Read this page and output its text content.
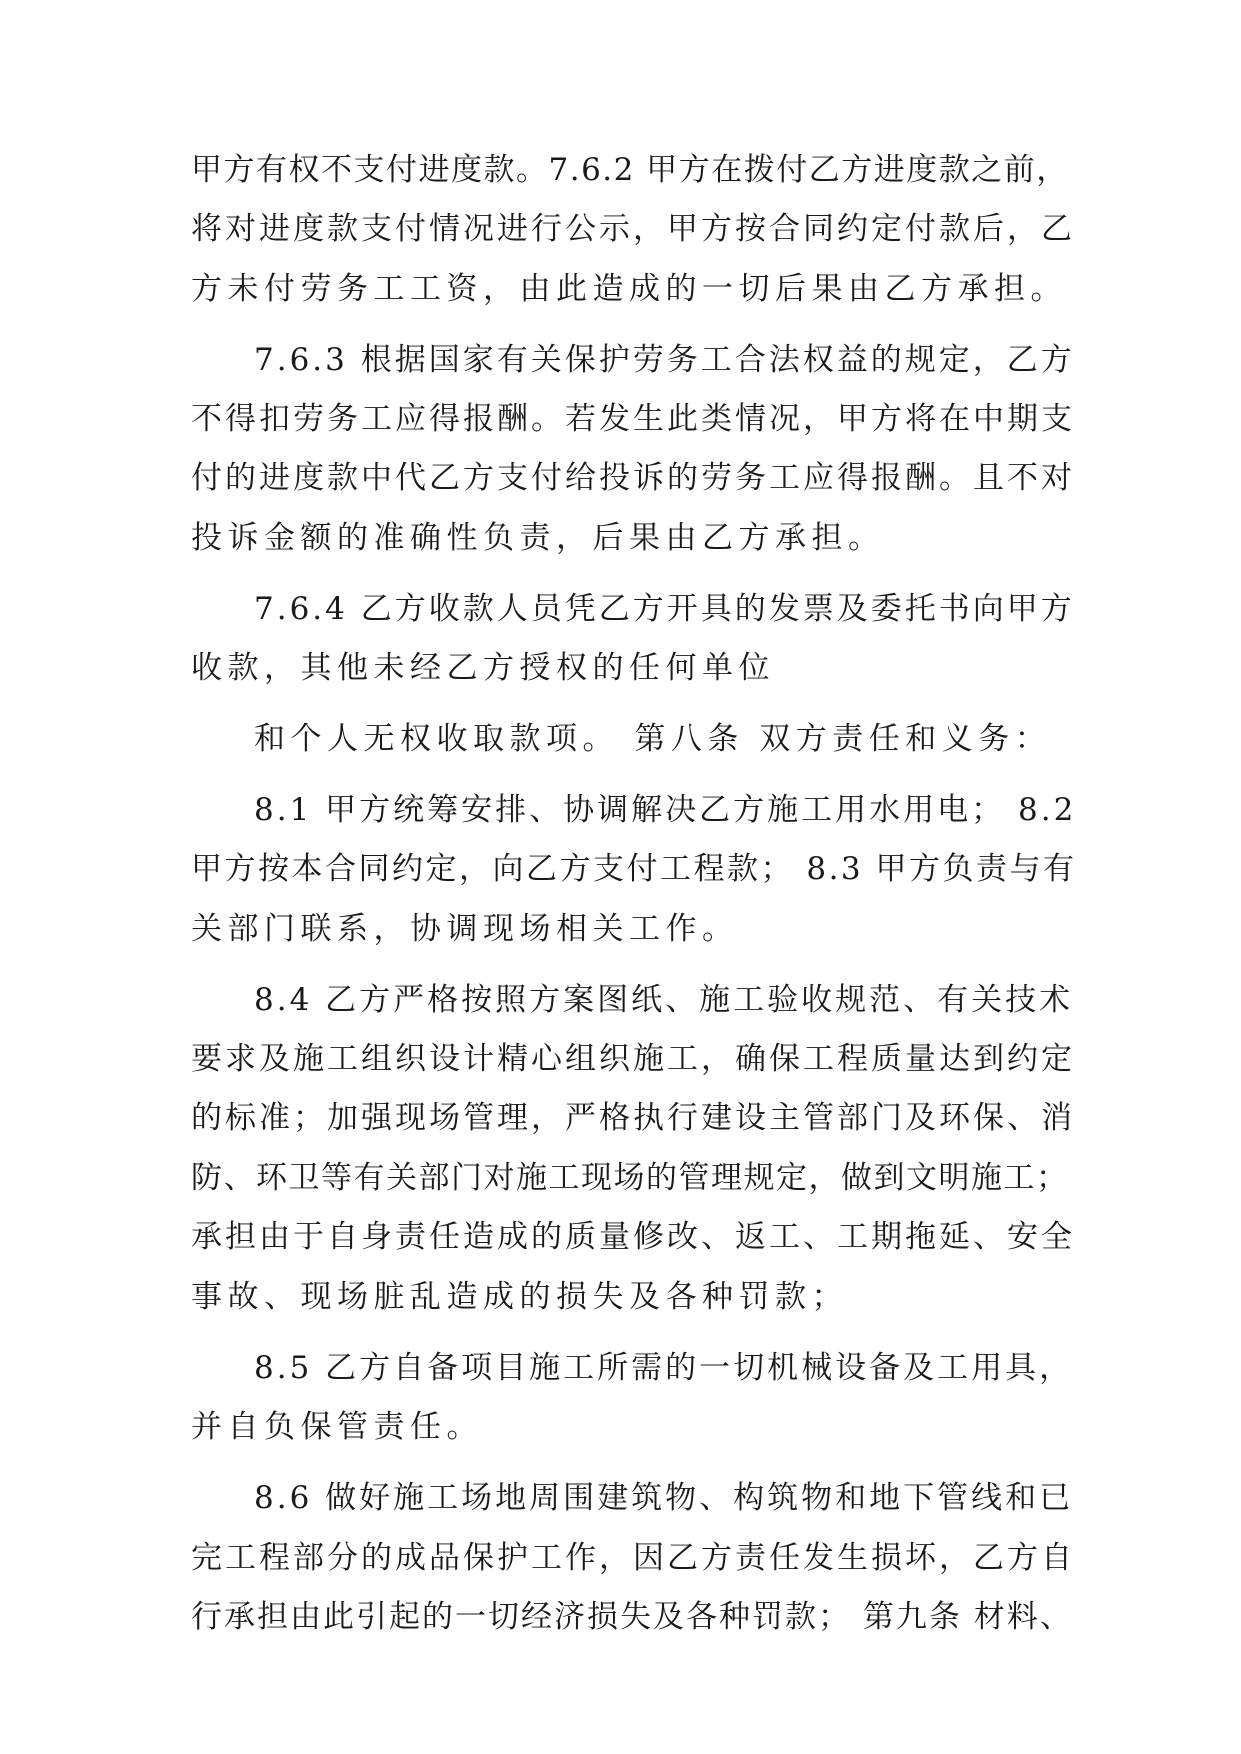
甲方有权不支付进度款。7.6.2 甲方在拨付乙方进度款之前，

将对进度款支付情况进行公示，甲方按合同约定付款后，乙

方未付劳务工工资，由此造成的一切后果由乙方承担。

7.6.3 根据国家有关保护劳务工合法权益的规定，乙方

不得扣劳务工应得报酬。若发生此类情况，甲方将在中期支

付的进度款中代乙方支付给投诉的劳务工应得报酬。且不对

投诉金额的准确性负责，后果由乙方承担。

7.6.4 乙方收款人员凭乙方开具的发票及委托书向甲方

收款，其他未经乙方授权的任何单位

和个人无权收取款项。 第八条 双方责任和义务：

8.1 甲方统筹安排、协调解决乙方施工用水用电； 8.2

甲方按本合同约定，向乙方支付工程款； 8.3 甲方负责与有

关部门联系，协调现场相关工作。

8.4 乙方严格按照方案图纸、施工验收规范、有关技术

要求及施工组织设计精心组织施工，确保工程质量达到约定

的标准；加强现场管理，严格执行建设主管部门及环保、消

防、环卫等有关部门对施工现场的管理规定，做到文明施工；

承担由于自身责任造成的质量修改、返工、工期拖延、安全

事故、现场脏乱造成的损失及各种罚款；

8.5 乙方自备项目施工所需的一切机械设备及工用具，

并自负保管责任。

8.6 做好施工场地周围建筑物、构筑物和地下管线和已

完工程部分的成品保护工作，因乙方责任发生损坏，乙方自

行承担由此引起的一切经济损失及各种罚款； 第九条 材料、
